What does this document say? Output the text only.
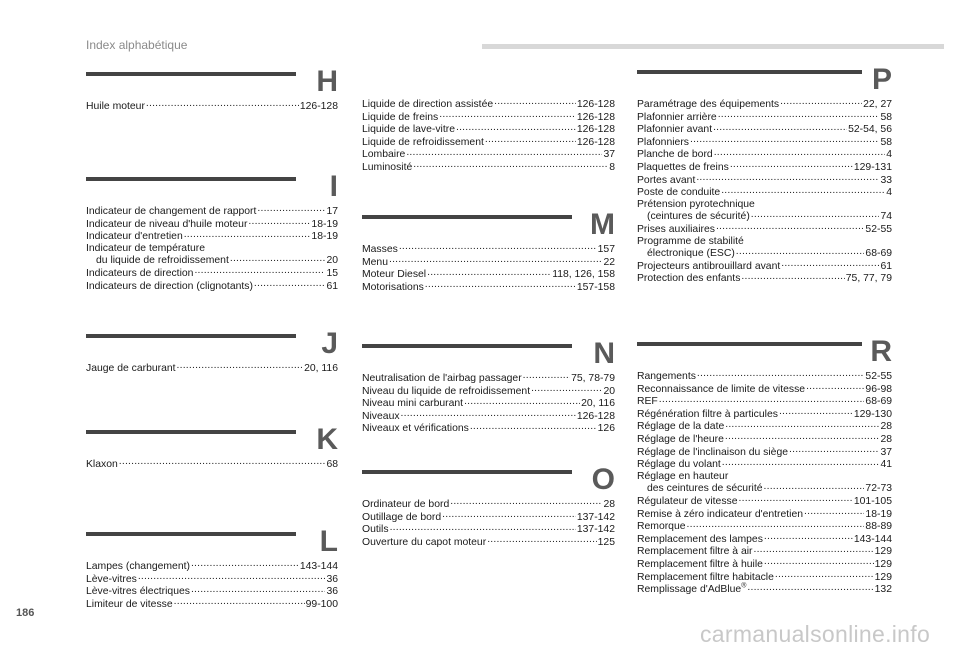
Index alphabétique
H
Huile moteur .....	126-128
I
Indicateur de changement de rapport .....	17
Indicateur de niveau d'huile moteur .....	18-19
Indicateur d'entretien .....	18-19
Indicateur de température
du liquide de refroidissement .....	20
Indicateurs de direction .....	15
Indicateurs de direction (clignotants) .....	61
J
Jauge de carburant .....	20, 116
K
Klaxon .....	68
L
Lampes (changement) .....	143-144
Lève-vitres .....	36
Lève-vitres électriques .....	36
Limiteur de vitesse .....	99-100
Liquide de direction assistée .....	126-128
Liquide de freins .....	126-128
Liquide de lave-vitre .....	126-128
Liquide de refroidissement .....	126-128
Lombaire .....	37
Luminosité .....	8
M
Masses .....	157
Menu .....	22
Moteur Diesel .....	118, 126, 158
Motorisations .....	157-158
N
Neutralisation de l'airbag passager .....	75, 78-79
Niveau du liquide de refroidissement .....	20
Niveau mini carburant .....	20, 116
Niveaux .....	126-128
Niveaux et vérifications .....	126
O
Ordinateur de bord .....	28
Outillage de bord .....	137-142
Outils .....	137-142
Ouverture du capot moteur .....	125
P
Paramétrage des équipements .....	22, 27
Plafonnier arrière .....	58
Plafonnier avant .....	52-54, 56
Plafonniers .....	58
Planche de bord .....	4
Plaquettes de freins .....	129-131
Portes avant .....	33
Poste de conduite .....	4
Prétension pyrotechnique
(ceintures de sécurité) .....	74
Prises auxiliaires .....	52-55
Programme de stabilité
électronique (ESC) .....	68-69
Projecteurs antibrouillard avant .....	61
Protection des enfants .....	75, 77, 79
R
Rangements .....	52-55
Reconnaissance de limite de vitesse .....	96-98
REF .....	68-69
Régénération filtre à particules .....	129-130
Réglage de la date .....	28
Réglage de l'heure .....	28
Réglage de l'inclinaison du siège .....	37
Réglage du volant .....	41
Réglage en hauteur
des ceintures de sécurité .....	72-73
Régulateur de vitesse .....	101-105
Remise à zéro indicateur d'entretien .....	18-19
Remorque .....	88-89
Remplacement des lampes .....	143-144
Remplacement filtre à air .....	129
Remplacement filtre à huile .....	129
Remplacement filtre habitacle .....	129
Remplissage d'AdBlue® .....	132
186
carmanualsonline.info
